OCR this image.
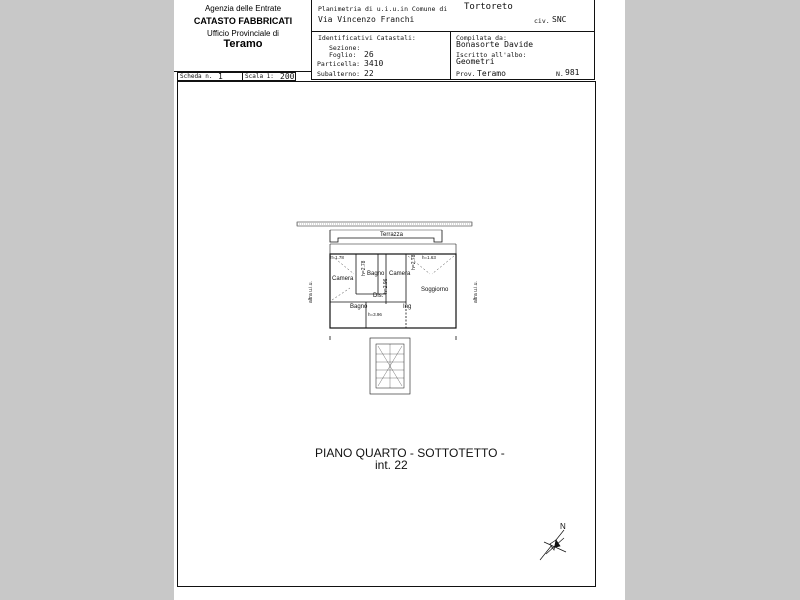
Agenzia delle Entrate
CATASTO FABBRICATI
Ufficio Provinciale di
Teramo
Planimetria di u.i.u.in Comune di Tortoreto
Via Vincenzo Franchi	civ. SNC
Identificativi Catastali:
Sezione:
Foglio: 26
Particella: 3410
Subalterno: 22
Compilata da:
Bonasorte Davide
Iscritto all'albo:
Geometri
Prov. Teramo	N. 981
Scheda n. 1	Scala 1: 200
Terrazza
Camera
Bagno Camera
Dis.
Soggiorno
Bagno	Ing
h=1.78	h=1.63
h=3.96
h=2.78
h=2.96
h=2.78
altra u.i.u.	altra u.i.u.
PIANO QUARTO - SOTTOTETTO -
int. 22
N
